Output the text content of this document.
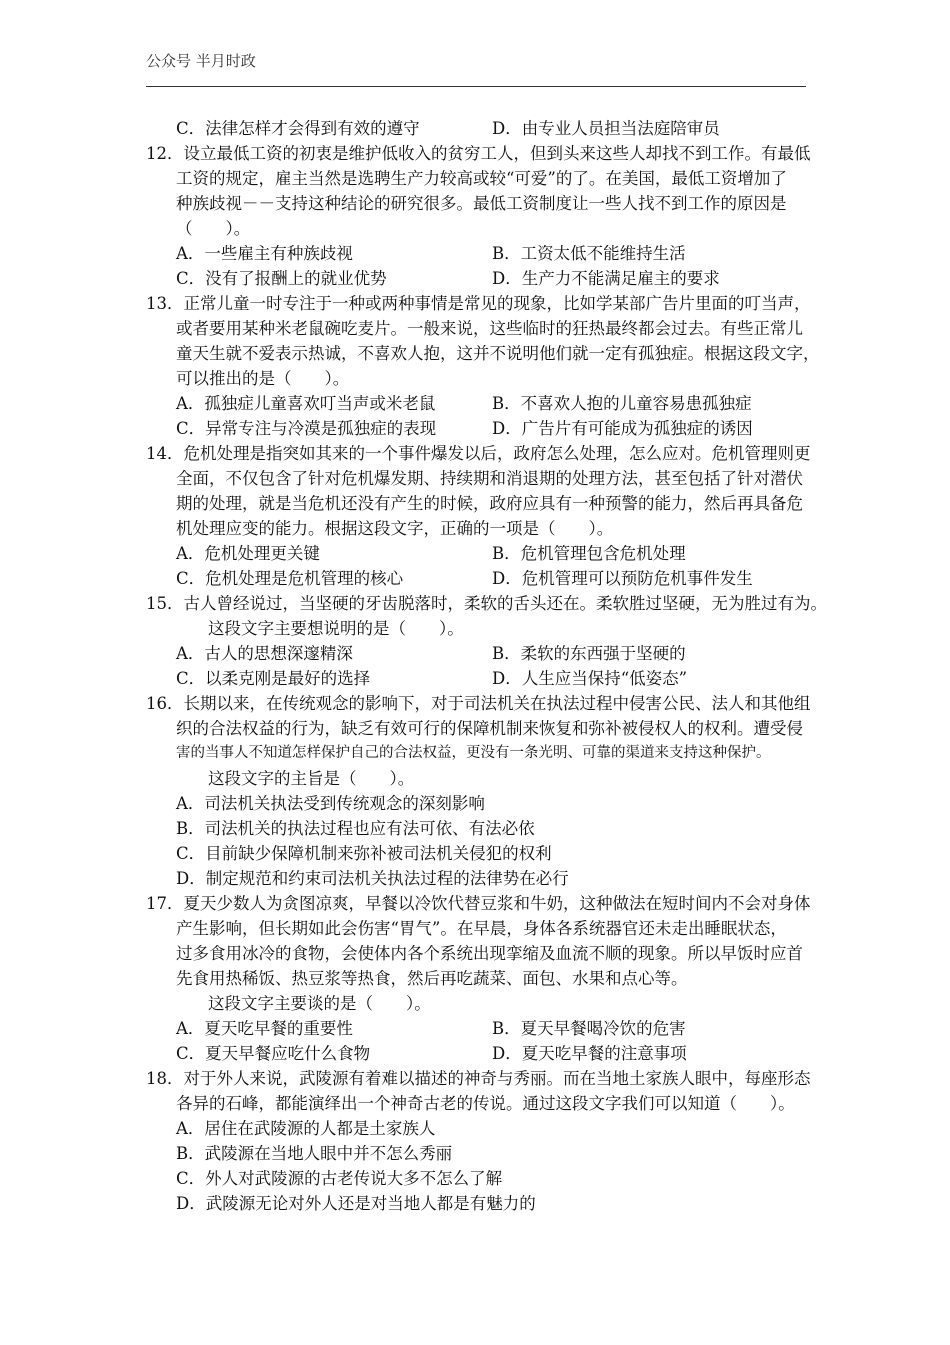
公众号 半月时政
C．法律怎样才会得到有效的遵守	D．由专业人员担当法庭陪审员
12．设立最低工资的初衷是维护低收入的贫穷工人，但到头来这些人却找不到工作。有最低
工资的规定，雇主当然是选聘生产力较高或较“可爱”的了。在美国，最低工资增加了
种族歧视－－支持这种结论的研究很多。最低工资制度让一些人找不到工作的原因是
（　　）。
A．一些雇主有种族歧视	B．工资太低不能维持生活
C．没有了报酬上的就业优势	D．生产力不能满足雇主的要求
13．正常儿童一时专注于一种或两种事情是常见的现象，比如学某部广告片里面的叮当声，
或者要用某种米老鼠碗吃麦片。一般来说，这些临时的狂热最终都会过去。有些正常儿
童天生就不爱表示热诚，不喜欢人抱，这并不说明他们就一定有孤独症。根据这段文字，
可以推出的是（　　）。
A．孤独症儿童喜欢叮当声或米老鼠	B．不喜欢人抱的儿童容易患孤独症
C．异常专注与冷漠是孤独症的表现	D．广告片有可能成为孤独症的诱因
14．危机处理是指突如其来的一个事件爆发以后，政府怎么处理，怎么应对。危机管理则更
全面，不仅包含了针对危机爆发期、持续期和消退期的处理方法，甚至包括了针对潜伏
期的处理，就是当危机还没有产生的时候，政府应具有一种预警的能力，然后再具备危
机处理应变的能力。根据这段文字，正确的一项是（　　）。
A．危机处理更关键	B．危机管理包含危机处理
C．危机处理是危机管理的核心	D．危机管理可以预防危机事件发生
15．古人曾经说过，当坚硬的牙齿脱落时，柔软的舌头还在。柔软胜过坚硬，无为胜过有为。
这段文字主要想说明的是（　　）。
A．古人的思想深邃精深	B．柔软的东西强于坚硬的
C．以柔克刚是最好的选择	D．人生应当保持“低姿态”
16．长期以来，在传统观念的影响下，对于司法机关在执法过程中侵害公民、法人和其他组
织的合法权益的行为，缺乏有效可行的保障机制来恢复和弥补被侵权人的权利。遭受侵
害的当事人不知道怎样保护自己的合法权益，更没有一条光明、可靠的渠道来支持这种保护。
这段文字的主旨是（　　）。
A．司法机关执法受到传统观念的深刻影响
B．司法机关的执法过程也应有法可依、有法必依
C．目前缺少保障机制来弥补被司法机关侵犯的权利
D．制定规范和约束司法机关执法过程的法律势在必行
17．夏天少数人为贪图凉爽，早餐以冷饮代替豆浆和牛奶，这种做法在短时间内不会对身体
产生影响，但长期如此会伤害“胃气”。在早晨，身体各系统器官还未走出睡眠状态，
过多食用冰冷的食物，会使体内各个系统出现挛缩及血流不顺的现象。所以早饭时应首
先食用热稀饭、热豆浆等热食，然后再吃蔬菜、面包、水果和点心等。
这段文字主要谈的是（　　）。
A．夏天吃早餐的重要性	B．夏天早餐喝冷饮的危害
C．夏天早餐应吃什么食物	D．夏天吃早餐的注意事项
18．对于外人来说，武陵源有着难以描述的神奇与秀丽。而在当地土家族人眼中，每座形态
各异的石峰，都能演绎出一个神奇古老的传说。通过这段文字我们可以知道（　　）。
A．居住在武陵源的人都是土家族人
B．武陵源在当地人眼中并不怎么秀丽
C．外人对武陵源的古老传说大多不怎么了解
D．武陵源无论对外人还是对当地人都是有魅力的
